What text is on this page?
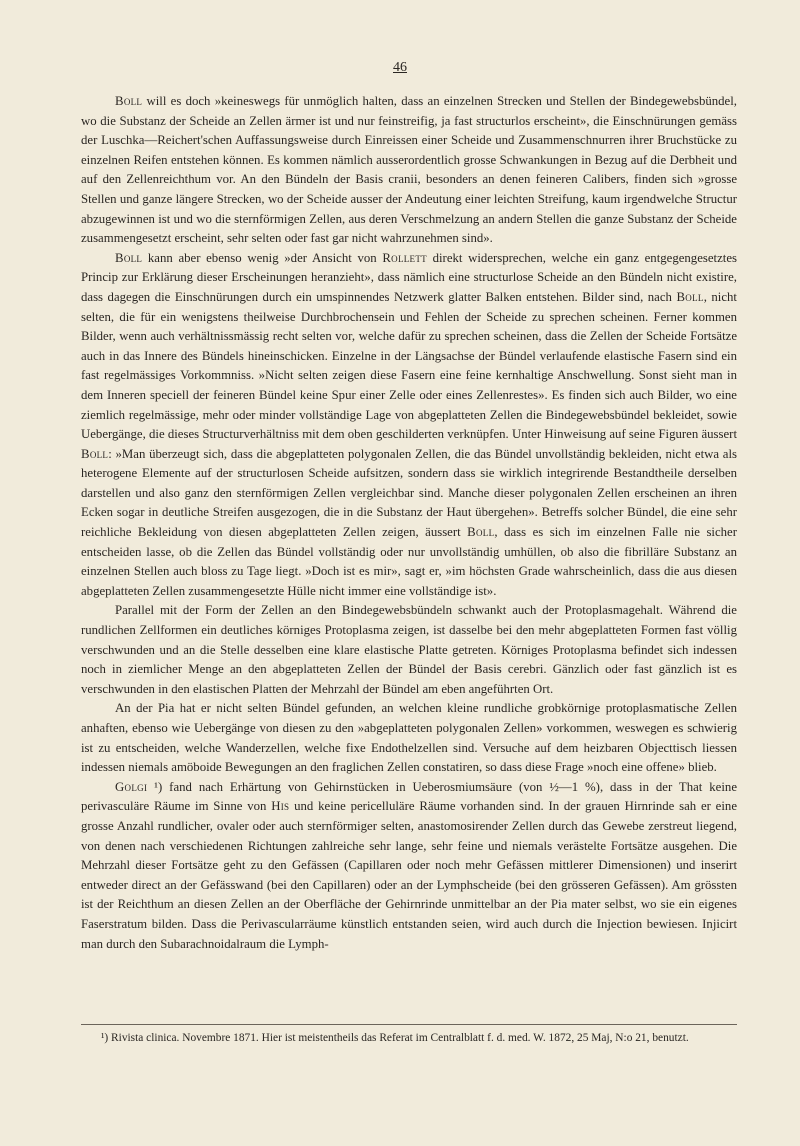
46

Boll will es doch »keineswegs für unmöglich halten, dass an einzelnen Strecken und Stellen der Bindegewebsbündel, wo die Substanz der Scheide an Zellen ärmer ist und nur feinstreifig, ja fast structurlos erscheint», die Einschnürungen gemäss der Luschka—Reichert'schen Auffassungsweise durch Einreissen einer Scheide und Zusammenschnurren ihrer Bruchstücke zu einzelnen Reifen entstehen können. Es kommen nämlich ausserordentlich grosse Schwankungen in Bezug auf die Derbheit und auf den Zellenreichthum vor. An den Bündeln der Basis cranii, besonders an denen feineren Calibers, finden sich »grosse Stellen und ganze längere Strecken, wo der Scheide ausser der Andeutung einer leichten Streifung, kaum irgendwelche Structur abzugewinnen ist und wo die sternförmigen Zellen, aus deren Verschmelzung an andern Stellen die ganze Substanz der Scheide zusammengesetzt erscheint, sehr selten oder fast gar nicht wahrzunehmen sind».

Boll kann aber ebenso wenig »der Ansicht von Rollett direkt widersprechen, welche ein ganz entgegengesetztes Princip zur Erklärung dieser Erscheinungen heranzieht», dass nämlich eine structurlose Scheide an den Bündeln nicht existire, dass dagegen die Einschnürungen durch ein umspinnendes Netzwerk glatter Balken entstehen. Bilder sind, nach Boll, nicht selten, die für ein wenigstens theilweise Durchbrochensein und Fehlen der Scheide zu sprechen scheinen. Ferner kommen Bilder, wenn auch verhältnissmässig recht selten vor, welche dafür zu sprechen scheinen, dass die Zellen der Scheide Fortsätze auch in das Innere des Bündels hineinschicken. Einzelne in der Längsachse der Bündel verlaufende elastische Fasern sind ein fast regelmässiges Vorkommniss. »Nicht selten zeigen diese Fasern eine feine kernhaltige Anschwellung. Sonst sieht man in dem Inneren speciell der feineren Bündel keine Spur einer Zelle oder eines Zellenrestes». Es finden sich auch Bilder, wo eine ziemlich regelmässige, mehr oder minder vollständige Lage von abgeplatteten Zellen die Bindegewebsbündel bekleidet, sowie Uebergänge, die dieses Structurverhältniss mit dem oben geschilderten verknüpfen. Unter Hinweisung auf seine Figuren äussert Boll: »Man überzeugt sich, dass die abgeplatteten polygonalen Zellen, die das Bündel unvollständig bekleiden, nicht etwa als heterogene Elemente auf der structurlosen Scheide aufsitzen, sondern dass sie wirklich integrirende Bestandtheile derselben darstellen und also ganz den sternförmigen Zellen vergleichbar sind. Manche dieser polygonalen Zellen erscheinen an ihren Ecken sogar in deutliche Streifen ausgezogen, die in die Substanz der Haut übergehen». Betreffs solcher Bündel, die eine sehr reichliche Bekleidung von diesen abgeplatteten Zellen zeigen, äussert Boll, dass es sich im einzelnen Falle nie sicher entscheiden lasse, ob die Zellen das Bündel vollständig oder nur unvollständig umhüllen, ob also die fibrilläre Substanz an einzelnen Stellen auch bloss zu Tage liegt. »Doch ist es mir», sagt er, »im höchsten Grade wahrscheinlich, dass die aus diesen abgeplatteten Zellen zusammengesetzte Hülle nicht immer eine vollständige ist».

Parallel mit der Form der Zellen an den Bindegewebsbündeln schwankt auch der Protoplasmagehalt. Während die rundlichen Zellformen ein deutliches körniges Protoplasma zeigen, ist dasselbe bei den mehr abgeplatteten Formen fast völlig verschwunden und an die Stelle desselben eine klare elastische Platte getreten. Körniges Protoplasma befindet sich indessen noch in ziemlicher Menge an den abgeplatteten Zellen der Bündel der Basis cerebri. Gänzlich oder fast gänzlich ist es verschwunden in den elastischen Platten der Mehrzahl der Bündel am eben angeführten Ort.

An der Pia hat er nicht selten Bündel gefunden, an welchen kleine rundliche grobkörnige protoplasmatische Zellen anhaften, ebenso wie Uebergänge von diesen zu den »abgeplatteten polygonalen Zellen» vorkommen, weswegen es schwierig ist zu entscheiden, welche Wanderzellen, welche fixe Endothelzellen sind. Versuche auf dem heizbaren Objecttisch liessen indessen niemals amöboide Bewegungen an den fraglichen Zellen constatiren, so dass diese Frage »noch eine offene» blieb.

Golgi ¹) fand nach Erhärtung von Gehirnstücken in Ueberosmiumsäure (von ½—1 %), dass in der That keine perivasculäre Räume im Sinne von His und keine pericelluläre Räume vorhanden sind. In der grauen Hirnrinde sah er eine grosse Anzahl rundlicher, ovaler oder auch sternförmiger selten, anastomosirender Zellen durch das Gewebe zerstreut liegend, von denen nach verschiedenen Richtungen zahlreiche sehr lange, sehr feine und niemals verästelte Fortsätze ausgehen. Die Mehrzahl dieser Fortsätze geht zu den Gefässen (Capillaren oder noch mehr Gefässen mittlerer Dimensionen) und inserirt entweder direct an der Gefässwand (bei den Capillaren) oder an der Lymphscheide (bei den grösseren Gefässen). Am grössten ist der Reichthum an diesen Zellen an der Oberfläche der Gehirnrinde unmittelbar an der Pia mater selbst, wo sie ein eigenes Faserstratum bilden. Dass die Perivascularräume künstlich entstanden seien, wird auch durch die Injection bewiesen. Injicirt man durch den Subarachnoidalraum die Lymph-

¹) Rivista clinica. Novembre 1871. Hier ist meistentheils das Referat im Centralblatt f. d. med. W. 1872, 25 Maj, N:o 21, benutzt.
